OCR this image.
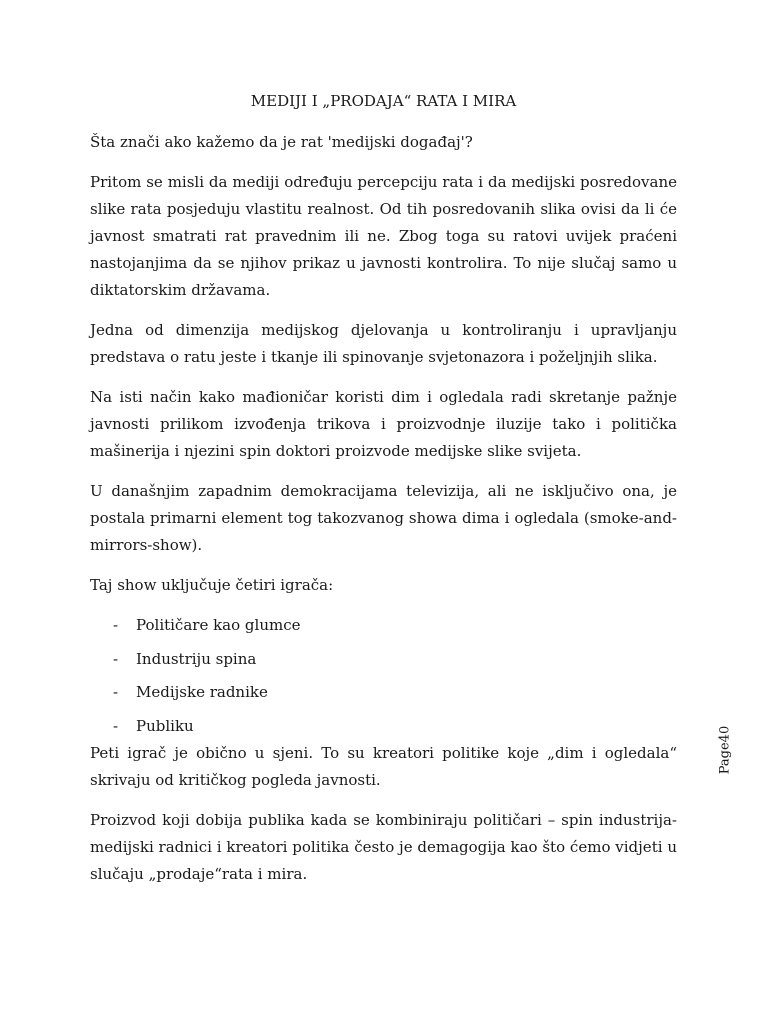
MEDIJI I „PRODAJA“ RATA I MIRA

Šta znači ako kažemo da je rat 'medijski događaj'?

Pritom se misli da mediji određuju percepciju rata i da medijski posredovane slike rata posjeduju vlastitu realnost. Od tih posredovanih slika ovisi da li će javnost smatrati rat pravednim ili ne. Zbog toga su ratovi uvijek praćeni nastojanjima da se njihov prikaz u javnosti kontrolira. To nije slučaj samo u diktatorskim državama.

Jedna od dimenzija medijskog djelovanja u kontroliranju i upravljanju predstava o ratu jeste i tkanje ili spinovanje svjetonazora i poželjnjih slika.

Na isti način kako mađioničar koristi dim i ogledala radi skretanje pažnje javnosti prilikom izvođenja trikova i proizvodnje iluzije tako i politička mašinerija i njezini spin doktori proizvode medijske slike svijeta.

U današnjim zapadnim demokracijama televizija, ali ne isključivo ona, je postala primarni element tog takozvanog showa dima i ogledala (smoke-and-mirrors-show).

Taj show uključuje četiri igrača:

- Političare kao glumce
- Industriju spina
- Medijske radnike
- Publiku

Peti igrač je obično u sjeni. To su kreatori politike koje „dim i ogledala“ skrivaju od kritičkog pogleda javnosti.

Proizvod koji dobija publika kada se kombiniraju političari – spin industrija-medijski radnici i kreatori politika često je demagogija kao što ćemo vidjeti u slučaju „prodaje“rata i mira.

Page40
